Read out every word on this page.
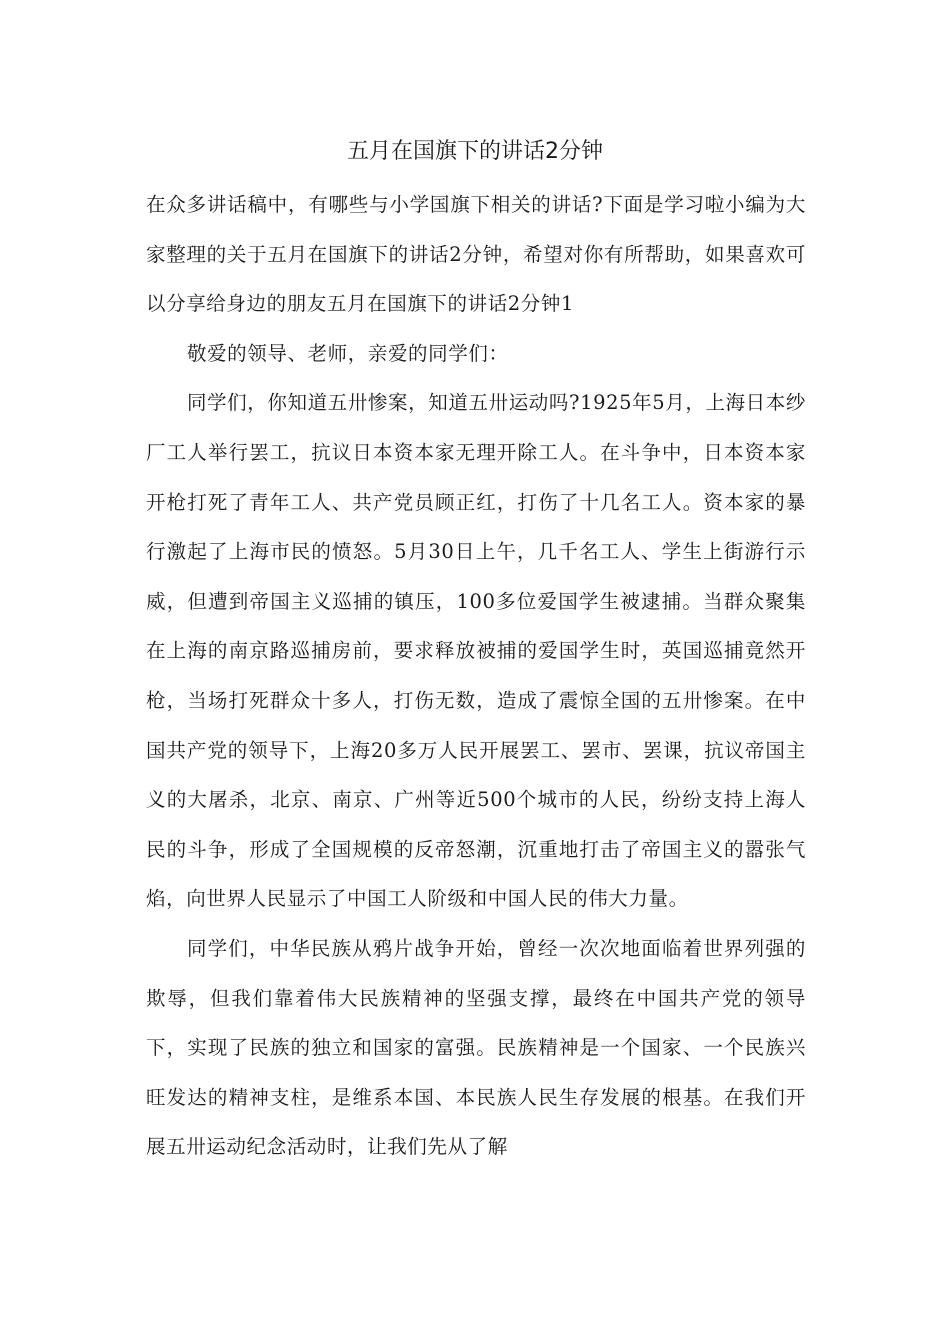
五月在国旗下的讲话2分钟

在众多讲话稿中，有哪些与小学国旗下相关的讲话?下面是学习啦小编为大家整理的关于五月在国旗下的讲话2分钟，希望对你有所帮助，如果喜欢可以分享给身边的朋友五月在国旗下的讲话2分钟1

敬爱的领导、老师，亲爱的同学们：

同学们，你知道五卅惨案，知道五卅运动吗?1925年5月，上海日本纱厂工人举行罢工，抗议日本资本家无理开除工人。在斗争中，日本资本家开枪打死了青年工人、共产党员顾正红，打伤了十几名工人。资本家的暴行激起了上海市民的愤怒。5月30日上午，几千名工人、学生上街游行示威，但遭到帝国主义巡捕的镇压，100多位爱国学生被逮捕。当群众聚集在上海的南京路巡捕房前，要求释放被捕的爱国学生时，英国巡捕竟然开枪，当场打死群众十多人，打伤无数，造成了震惊全国的五卅惨案。在中国共产党的领导下，上海20多万人民开展罢工、罢市、罢课，抗议帝国主义的大屠杀，北京、南京、广州等近500个城市的人民，纷纷支持上海人民的斗争，形成了全国规模的反帝怒潮，沉重地打击了帝国主义的嚣张气焰，向世界人民显示了中国工人阶级和中国人民的伟大力量。

同学们，中华民族从鸦片战争开始，曾经一次次地面临着世界列强的欺辱，但我们靠着伟大民族精神的坚强支撑，最终在中国共产党的领导下，实现了民族的独立和国家的富强。民族精神是一个国家、一个民族兴旺发达的精神支柱，是维系本国、本民族人民生存发展的根基。在我们开展五卅运动纪念活动时，让我们先从了解
